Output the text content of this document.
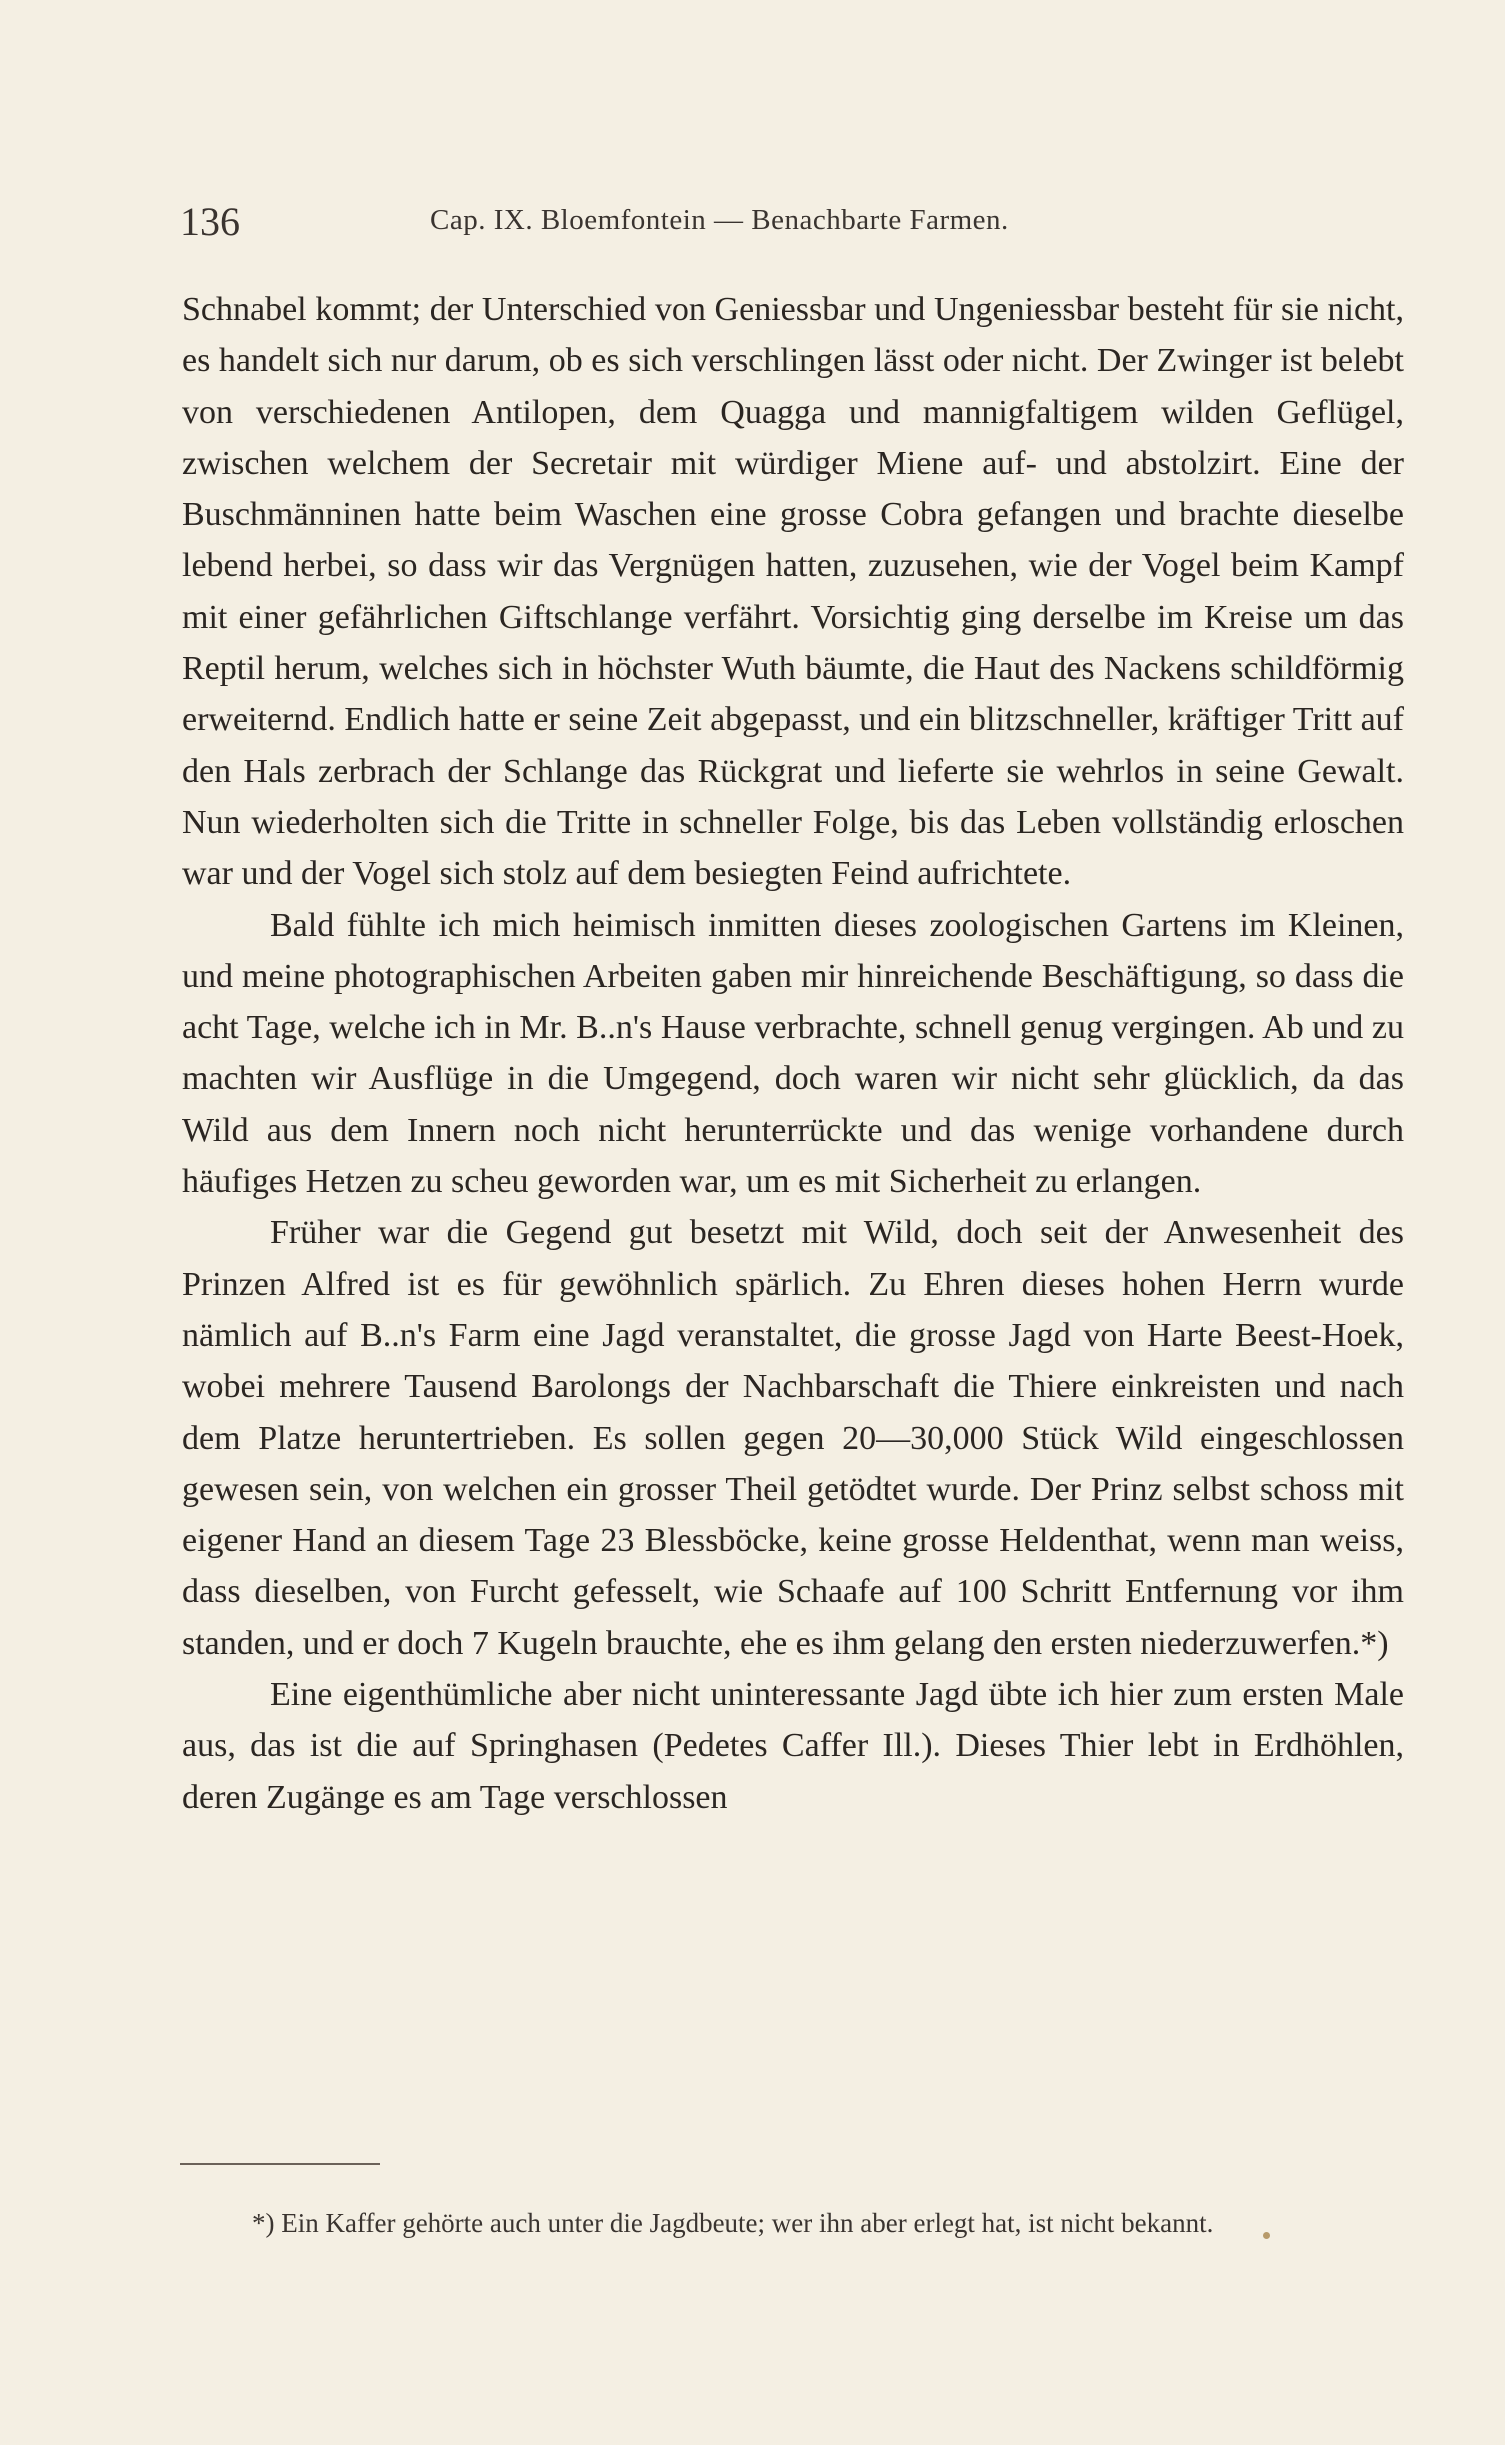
136	Cap. IX. Bloemfontein — Benachbarte Farmen.

Schnabel kommt; der Unterschied von Geniessbar und Ungeniessbar besteht für sie nicht, es handelt sich nur darum, ob es sich verschlingen lässt oder nicht. Der Zwinger ist belebt von verschiedenen Antilopen, dem Quagga und mannigfaltigem wilden Geflügel, zwischen welchem der Secretair mit würdiger Miene auf- und abstolzirt. Eine der Buschmänninen hatte beim Waschen eine grosse Cobra gefangen und brachte dieselbe lebend herbei, so dass wir das Vergnügen hatten, zuzusehen, wie der Vogel beim Kampf mit einer gefährlichen Giftschlange verfährt. Vorsichtig ging derselbe im Kreise um das Reptil herum, welches sich in höchster Wuth bäumte, die Haut des Nackens schildförmig erweiternd. Endlich hatte er seine Zeit abgepasst, und ein blitzschneller, kräftiger Tritt auf den Hals zerbrach der Schlange das Rückgrat und lieferte sie wehrlos in seine Gewalt. Nun wiederholten sich die Tritte in schneller Folge, bis das Leben vollständig erloschen war und der Vogel sich stolz auf dem besiegten Feind aufrichtete.

Bald fühlte ich mich heimisch inmitten dieses zoologischen Gartens im Kleinen, und meine photographischen Arbeiten gaben mir hinreichende Beschäftigung, so dass die acht Tage, welche ich in Mr. B..n's Hause verbrachte, schnell genug vergingen. Ab und zu machten wir Ausflüge in die Umgegend, doch waren wir nicht sehr glücklich, da das Wild aus dem Innern noch nicht herunterrückte und das wenige vorhandene durch häufiges Hetzen zu scheu geworden war, um es mit Sicherheit zu erlangen.

Früher war die Gegend gut besetzt mit Wild, doch seit der Anwesenheit des Prinzen Alfred ist es für gewöhnlich spärlich. Zu Ehren dieses hohen Herrn wurde nämlich auf B..n's Farm eine Jagd veranstaltet, die grosse Jagd von Harte Beest-Hoek, wobei mehrere Tausend Barolongs der Nachbarschaft die Thiere einkreisten und nach dem Platze heruntertrieben. Es sollen gegen 20—30,000 Stück Wild eingeschlossen gewesen sein, von welchen ein grosser Theil getödtet wurde. Der Prinz selbst schoss mit eigener Hand an diesem Tage 23 Blessböcke, keine grosse Heldenthat, wenn man weiss, dass dieselben, von Furcht gefesselt, wie Schaafe auf 100 Schritt Entfernung vor ihm standen, und er doch 7 Kugeln brauchte, ehe es ihm gelang den ersten niederzuwerfen.*)

Eine eigenthümliche aber nicht uninteressante Jagd übte ich hier zum ersten Male aus, das ist die auf Springhasen (Pedetes Caffer Ill.). Dieses Thier lebt in Erdhöhlen, deren Zugänge es am Tage verschlossen

*) Ein Kaffer gehörte auch unter die Jagdbeute; wer ihn aber erlegt hat, ist nicht bekannt.
